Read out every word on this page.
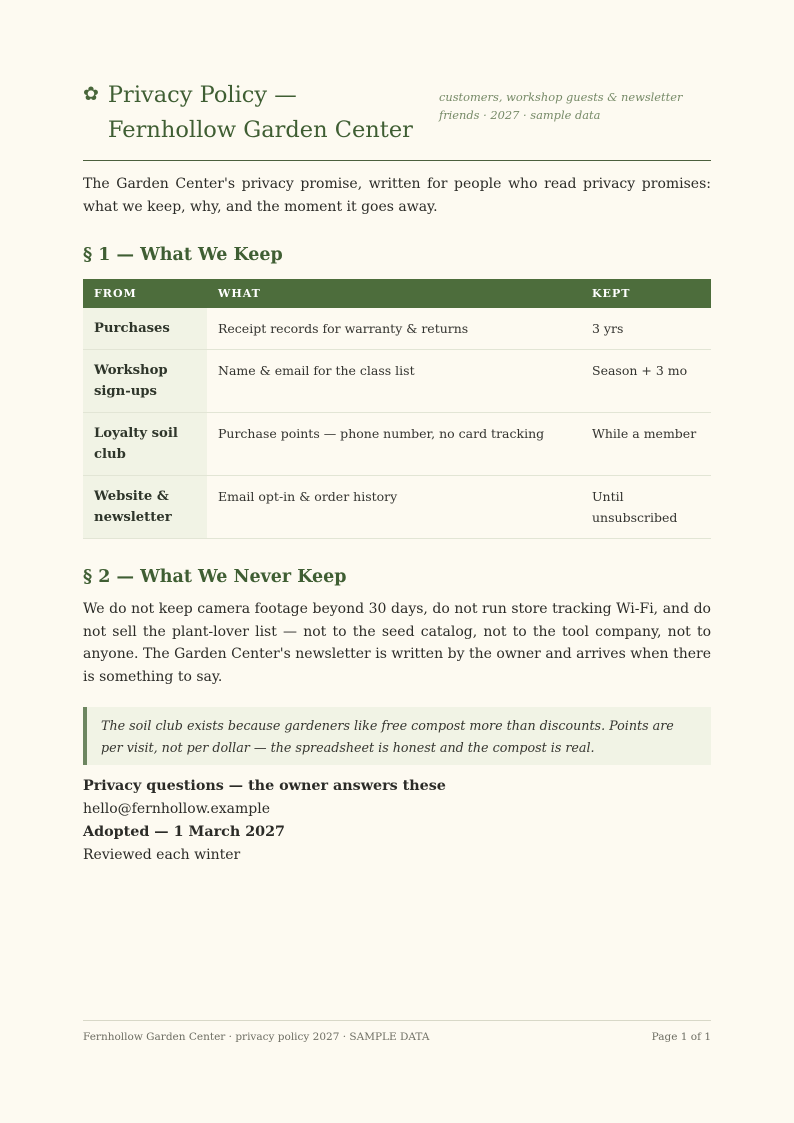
✿ Privacy Policy — Fernhollow Garden Center
customers, workshop guests & newsletter friends · 2027 · sample data

The Garden Center's privacy promise, written for people who read privacy promises: what we keep, why, and the moment it goes away.

§ 1 — What We Keep
FROM	WHAT	KEPT
Purchases	Receipt records for warranty & returns	3 yrs
Workshop sign-ups	Name & email for the class list	Season + 3 mo
Loyalty soil club	Purchase points — phone number, no card tracking	While a member
Website & newsletter	Email opt-in & order history	Until unsubscribed
§ 2 — What We Never Keep

We do not keep camera footage beyond 30 days, do not run store tracking Wi-Fi, and do not sell the plant-lover list — not to the seed catalog, not to the tool company, not to anyone. The Garden Center's newsletter is written by the owner and arrives when there is something to say.

The soil club exists because gardeners like free compost more than discounts. Points are per visit, not per dollar — the spreadsheet is honest and the compost is real.
Privacy questions — the owner answers these
hello@fernhollow.example
Adopted — 1 March 2027
Reviewed each winter
Fernhollow Garden Center · privacy policy 2027 · SAMPLE DATA	Page 1 of 1
